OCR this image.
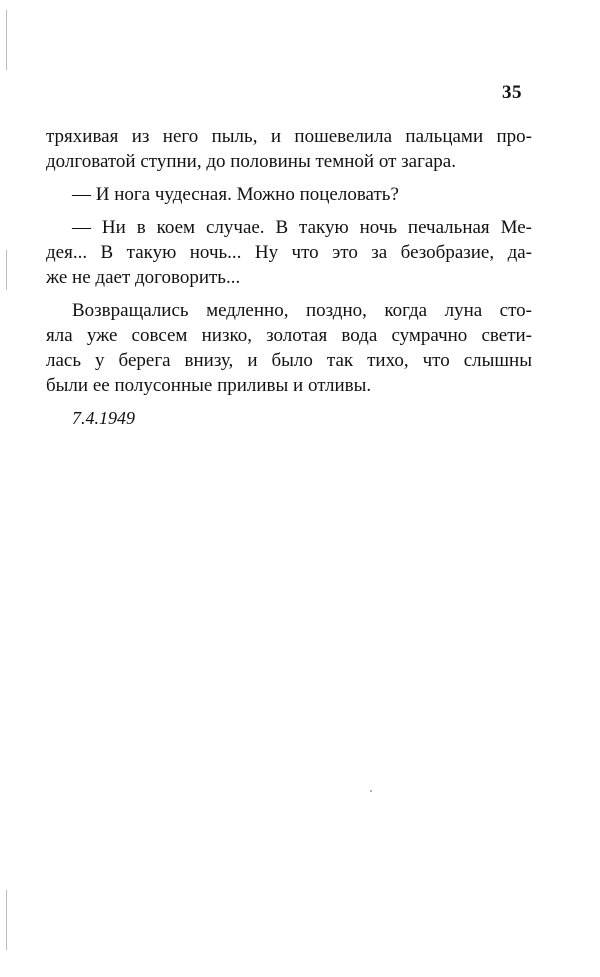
35
тряхивая из него пыль, и пошевелила пальцами про-
долговатой ступни, до половины темной от загара.
— И нога чудесная. Можно поцеловать?
— Ни в коем случае. В такую ночь печальная Ме-
дея... В такую ночь... Ну что это за безобразие, да-
же не дает договорить...
Возвращались медленно, поздно, когда луна сто-
яла уже совсем низко, золотая вода сумрачно свети-
лась у берега внизу, и было так тихо, что слышны
были ее полусонные приливы и отливы.
7.4.1949
